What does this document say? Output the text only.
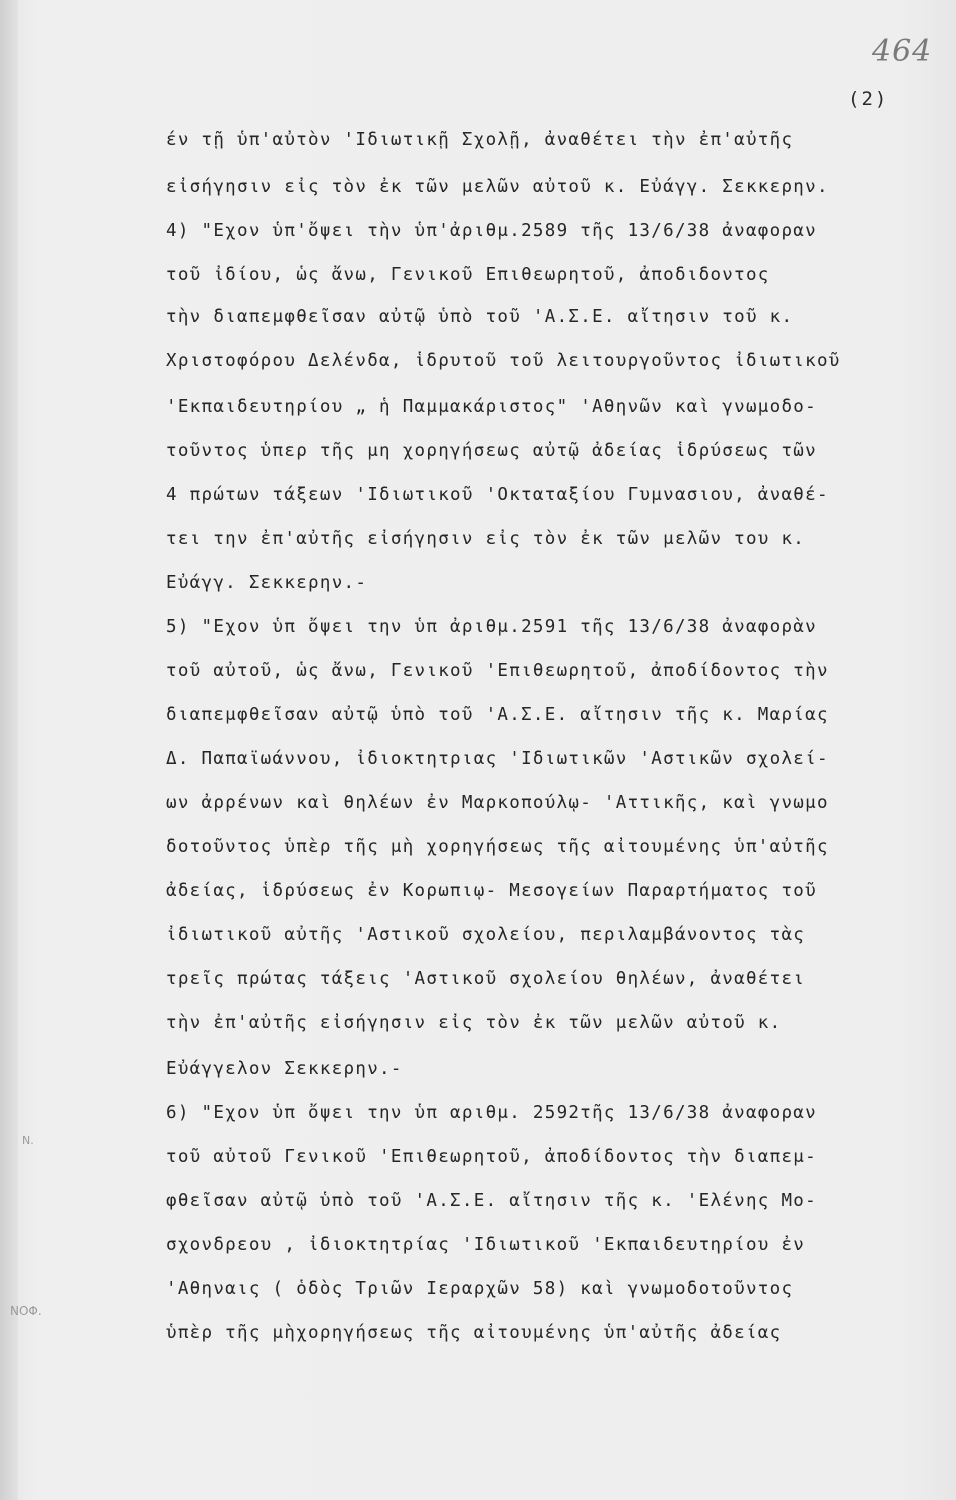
464
(2)
Ν.
ΝΟΦ.
έν τῇ ὑπ'αὐτὸν 'Ιδιωτικῇ Σχολῇ, ἀναθέτει τὴν ἐπ'αὐτῆς
εἰσήγησιν εἰς τὸν ἐκ τῶν μελῶν αὐτοῦ κ. Εὐάγγ. Σεκκερην.
4) "Εχον ὑπ'ὄψει τὴν ὑπ'ἀριθμ.2589 τῆς 13/6/38 ἀναφοραν
τοῦ ἰδίου, ὡς ἄνω, Γενικοῦ Επιθεωρητοῦ, ἀποδιδοντος
τὴν διαπεμφθεῖσαν αὐτῷ ὑπὸ τοῦ 'Α.Σ.Ε. αἴτησιν τοῦ κ.
Χριστοφόρου Δελένδα, ἱδρυτοῦ τοῦ λειτουργοῦντος ἰδιωτικοῦ
'Εκπαιδευτηρίου „ ἡ Παμμακάριστος" 'Αθηνῶν καὶ γνωμοδο-
τοῦντος ὑπερ τῆς μη χορηγήσεως αὐτῷ ἀδείας ἱδρύσεως τῶν
4 πρώτων τάξεων 'Ιδιωτικοῦ 'Οκταταξίου Γυμνασιου, ἀναθέ-
τει την ἐπ'αὐτῆς εἰσήγησιν εἰς τὸν ἐκ τῶν μελῶν του κ.
Εὐάγγ. Σεκκερην.-
5) "Εχον ὑπ ὄψει την ὑπ ἀριθμ.2591 τῆς 13/6/38 ἀναφορὰν
τοῦ αὐτοῦ, ὡς ἄνω, Γενικοῦ 'Επιθεωρητοῦ, ἀποδίδοντος τὴν
διαπεμφθεῖσαν αὐτῷ ὑπὸ τοῦ 'Α.Σ.Ε. αἴτησιν τῆς κ. Μαρίας
Δ. Παπαϊωάννου, ἰδιοκτητριας 'Ιδιωτικῶν 'Αστικῶν σχολεί-
ων ἀρρένων καὶ θηλέων ἐν Μαρκοπούλῳ- 'Αττικῆς, καὶ γνωμο
δοτοῦντος ὑπὲρ τῆς μὴ χορηγήσεως τῆς αἰτουμένης ὑπ'αὐτῆς
ἀδείας, ἱδρύσεως ἐν Κορωπιῳ- Μεσογείων Παραρτήματος τοῦ
ἰδιωτικοῦ αὐτῆς 'Αστικοῦ σχολείου, περιλαμβάνοντος τὰς
τρεῖς πρώτας τάξεις 'Αστικοῦ σχολείου θηλέων, ἀναθέτει
τὴν ἐπ'αὐτῆς εἰσήγησιν εἰς τὸν ἐκ τῶν μελῶν αὐτοῦ κ.
Εὐάγγελον Σεκκερην.-
6) "Εχον ὑπ ὄψει την ὑπ αριθμ. 2592τῆς 13/6/38 ἀναφοραν
τοῦ αὐτοῦ Γενικοῦ 'Επιθεωρητοῦ, ἀποδίδοντος τὴν διαπεμ-
φθεῖσαν αὐτῷ ὑπὸ τοῦ 'Α.Σ.Ε. αἴτησιν τῆς κ. 'Ελένης Μο-
σχονδρεου , ἰδιοκτητρίας 'Ιδιωτικοῦ 'Εκπαιδευτηρίου ἐν
'Αθηναις ( ὁδὸς Τριῶν Ιεραρχῶν 58) καὶ γνωμοδοτοῦντος
ὑπὲρ τῆς μὴχορηγήσεως τῆς αἰτουμένης ὑπ'αὐτῆς ἀδείας
